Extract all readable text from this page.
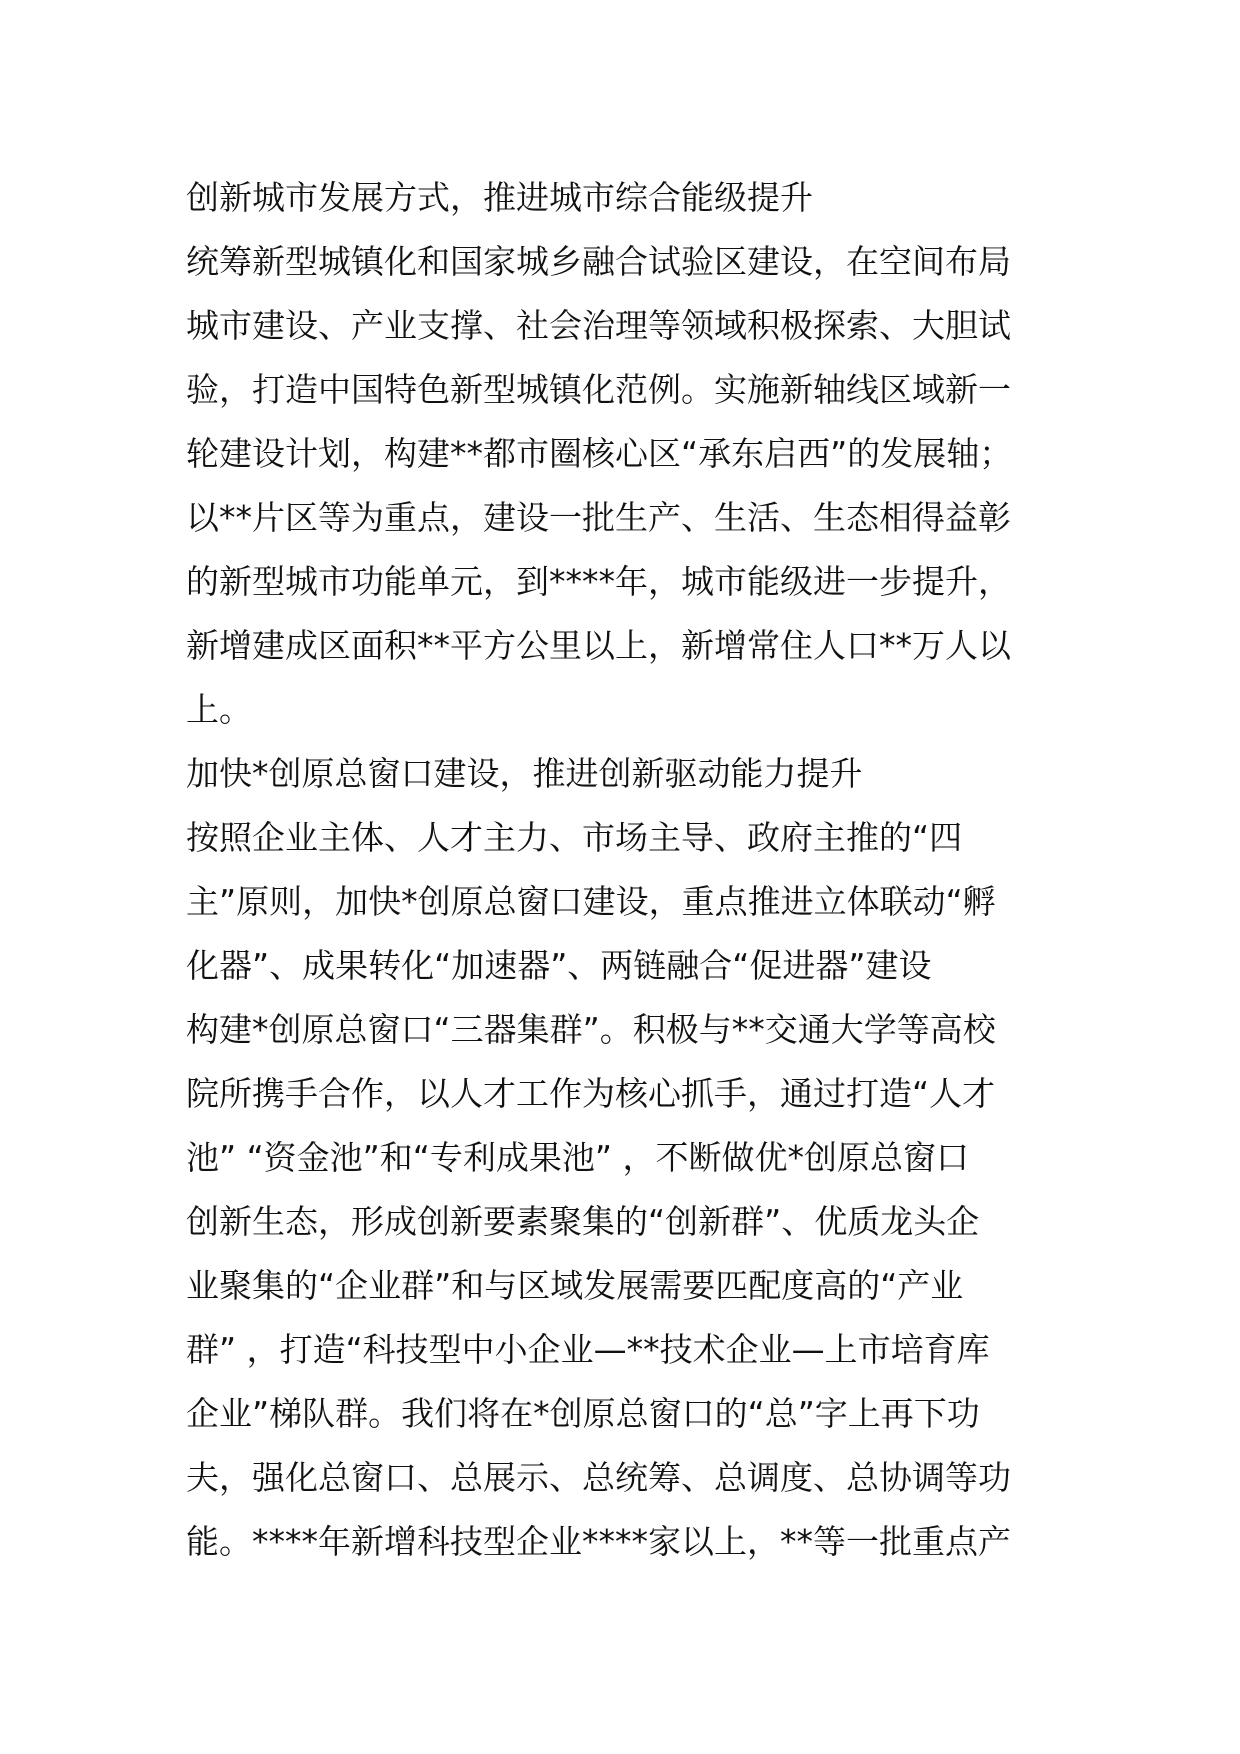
创新城市发展方式，推进城市综合能级提升
统筹新型城镇化和国家城乡融合试验区建设，在空间布局
城市建设、产业支撑、社会治理等领域积极探索、大胆试
验，打造中国特色新型城镇化范例。实施新轴线区域新一
轮建设计划，构建**都市圈核心区“承东启西”的发展轴；
以**片区等为重点，建设一批生产、生活、生态相得益彰
的新型城市功能单元，到****年，城市能级进一步提升，
新增建成区面积**平方公里以上，新增常住人口**万人以
上。
加快*创原总窗口建设，推进创新驱动能力提升
按照企业主体、人才主力、市场主导、政府主推的“四
主”原则，加快*创原总窗口建设，重点推进立体联动“孵
化器”、成果转化“加速器”、两链融合“促进器”建设
构建*创原总窗口“三器集群”。积极与**交通大学等高校
院所携手合作，以人才工作为核心抓手，通过打造“人才
池” “资金池”和“专利成果池” ，不断做优*创原总窗口
创新生态，形成创新要素聚集的“创新群”、优质龙头企
业聚集的“企业群”和与区域发展需要匹配度高的“产业
群” ，打造“科技型中小企业—**技术企业—上市培育库
企业”梯队群。我们将在*创原总窗口的“总”字上再下功
夫，强化总窗口、总展示、总统筹、总调度、总协调等功
能。****年新增科技型企业****家以上，**等一批重点产
